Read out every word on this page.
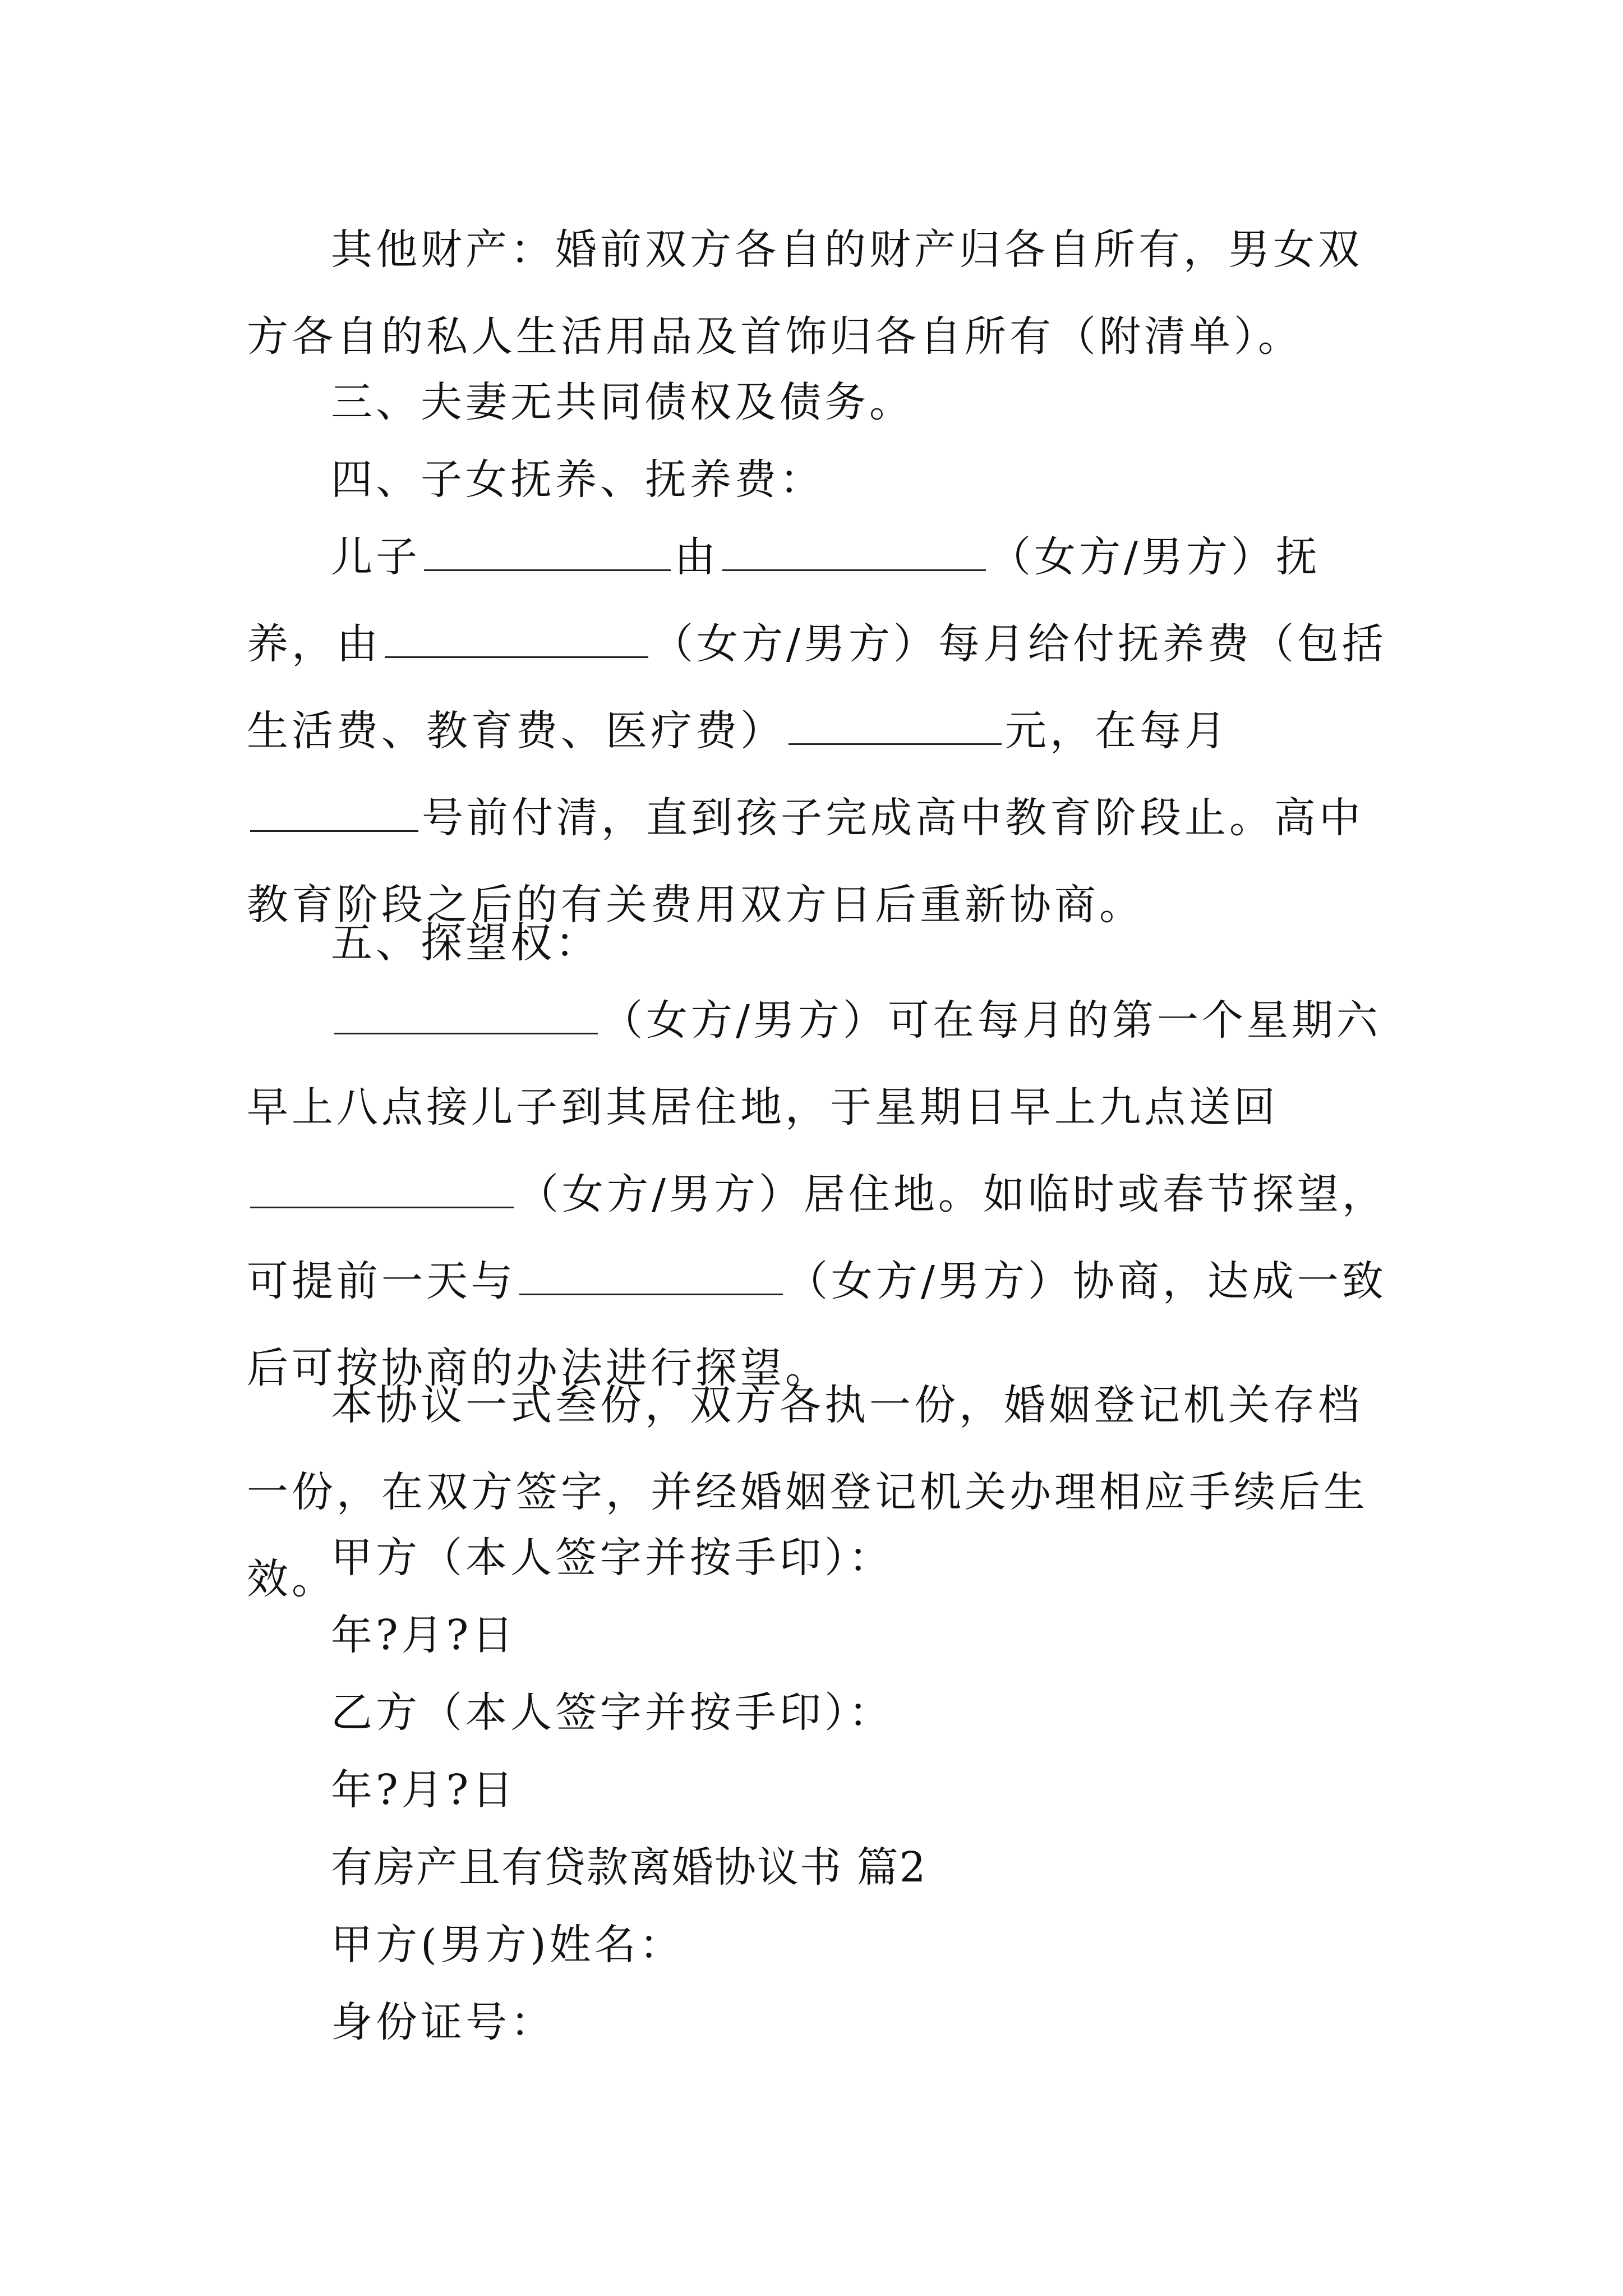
其他财产：婚前双方各自的财产归各自所有，男女双方各自的私人生活用品及首饰归各自所有（附清单）。

三、夫妻无共同债权及债务。

四、子女抚养、抚养费：

儿子	由	（女方/男方）抚养，由	（女方/男方）每月给付抚养费（包括生活费、教育费、医疗费）	元，在每月号前付清，直到孩子完成高中教育阶段止。高中教育阶段之后的有关费用双方日后重新协商。

五、探望权：

（女方/男方）可在每月的第一个星期六早上八点接儿子到其居住地，于星期日早上九点送回（女方/男方）居住地。如临时或春节探望，可提前一天与	（女方/男方）协商，达成一致后可按协商的办法进行探望。

本协议一式叁份，双方各执一份，婚姻登记机关存档一份，在双方签字，并经婚姻登记机关办理相应手续后生效。

甲方（本人签字并按手印）：

年?月?日

乙方（本人签字并按手印）：

年?月?日

有房产且有贷款离婚协议书 篇2

甲方(男方)姓名：

身份证号：
